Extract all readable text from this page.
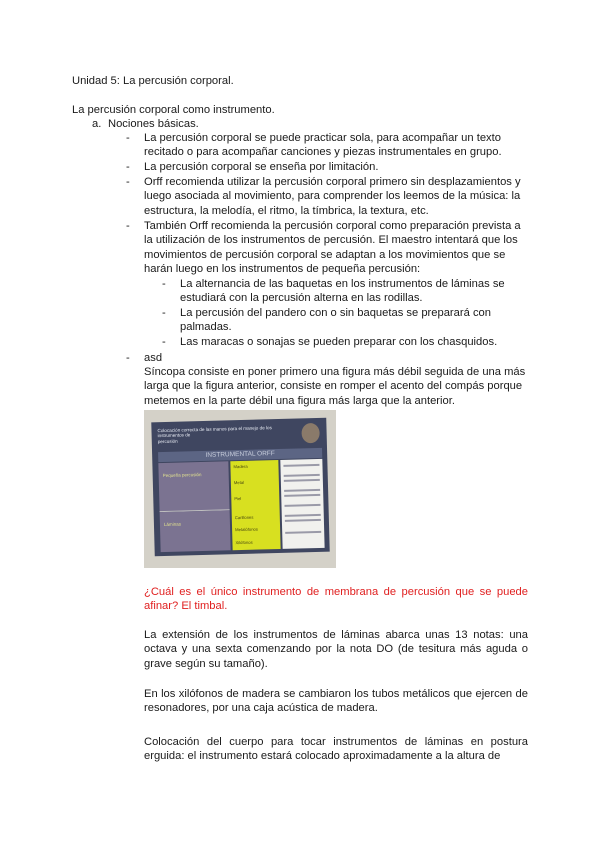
Unidad 5: La percusión corporal.
La percusión corporal como instrumento.
a. Nociones básicas.
- La percusión corporal se puede practicar sola, para acompañar un texto
recitado o para acompañar canciones y piezas instrumentales en grupo.
- La percusión corporal se enseña por limitación.
- Orff recomienda utilizar la percusión corporal primero sin desplazamientos y
luego asociada al movimiento, para comprender los leemos de la música: la
estructura, la melodía, el ritmo, la tímbrica, la textura, etc.
- También Orff recomienda la percusión corporal como preparación prevista a
la utilización de los instrumentos de percusión. El maestro intentará que los
movimientos de percusión corporal se adaptan a los movimientos que se
harán luego en los instrumentos de pequeña percusión:
- La alternancia de las baquetas en los instrumentos de láminas se
estudiará con la percusión alterna en las rodillas.
- La percusión del pandero con o sin baquetas se preparará con
palmadas.
- Las maracas o sonajas se pueden preparar con los chasquidos.
- asd
Síncopa consiste en poner primero una figura más débil seguida de una más
larga que la figura anterior, consiste en romper el acento del compás porque
metemos en la parte débil una figura más larga que la anterior.
Colocación correcta de las manos para el manejo de los
instrumentos de
percusión
INSTRUMENTAL ORFF
Pequeña percusión
Láminas
Madera
Metal
Piel
Carillones
Metalófonos
Xilófonos
¿Cuál es el único instrumento de membrana de percusión que se puede afinar? El timbal.
La extensión de los instrumentos de láminas abarca unas 13 notas: una octava y una sexta comenzando por la nota DO (de tesitura más aguda o grave según su tamaño).
En los xilófonos de madera se cambiaron los tubos metálicos que ejercen de resonadores, por una caja acústica de madera.
Colocación del cuerpo para tocar instrumentos de láminas en postura erguida: el instrumento estará colocado aproximadamente a la altura de
